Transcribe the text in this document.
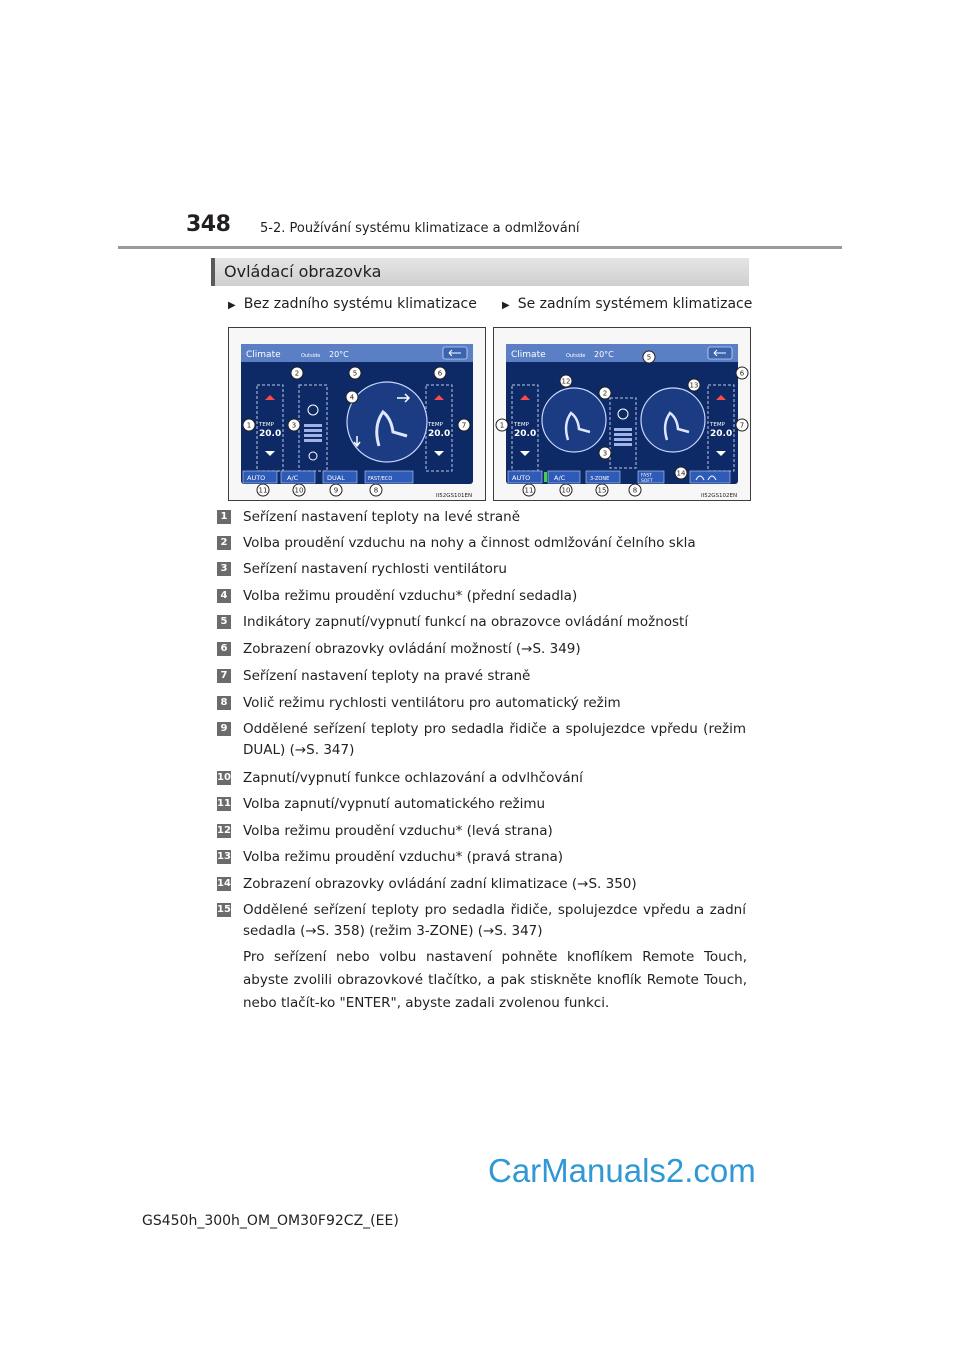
348 5-2. Používání systému klimatizace a odmlžování
Ovládací obrazovka
▶ Bez zadního systému klimatizace	▶ Se zadním systémem klimatizace
Climate	Outside 20°C
TEMP
20.0
TEMP
20.0
AUTO	A/C	DUAL	FAST/ECO
II52GS101EN
1
2
3
4
5	6
7
8
9
10
11
Climate	Outside 20°C
TEMP
20.0
TEMP
20.0
AUTO	A/C	3-ZONE	FAST
SOFT
II52GS102EN
1
2
3
5
6
7
8
10
11
12	13
14
15
1 Seřízení nastavení teploty na levé straně
2 Volba proudění vzduchu na nohy a činnost odmlžování čelního skla
3 Seřízení nastavení rychlosti ventilátoru
4 Volba režimu proudění vzduchu* (přední sedadla)
5 Indikátory zapnutí/vypnutí funkcí na obrazovce ovládání možností
6 Zobrazení obrazovky ovládání možností (→S. 349)
7 Seřízení nastavení teploty na pravé straně
8 Volič režimu rychlosti ventilátoru pro automatický režim
9 Oddělené seřízení teploty pro sedadla řidiče a spolujezdce vpředu (režim DUAL) (→S. 347)
10 Zapnutí/vypnutí funkce ochlazování a odvlhčování
11 Volba zapnutí/vypnutí automatického režimu
12 Volba režimu proudění vzduchu* (levá strana)
13 Volba režimu proudění vzduchu* (pravá strana)
14 Zobrazení obrazovky ovládání zadní klimatizace (→S. 350)
15 Oddělené seřízení teploty pro sedadla řidiče, spolujezdce vpředu a zadní sedadla (→S. 358) (režim 3-ZONE) (→S. 347)
Pro seřízení nebo volbu nastavení pohněte knoflíkem Remote Touch, abyste zvolili obrazovkové tlačítko, a pak stiskněte knoflík Remote Touch, nebo tlačít-ko "ENTER", abyste zadali zvolenou funkci.
CarManuals2.com
GS450h_300h_OM_OM30F92CZ_(EE)
